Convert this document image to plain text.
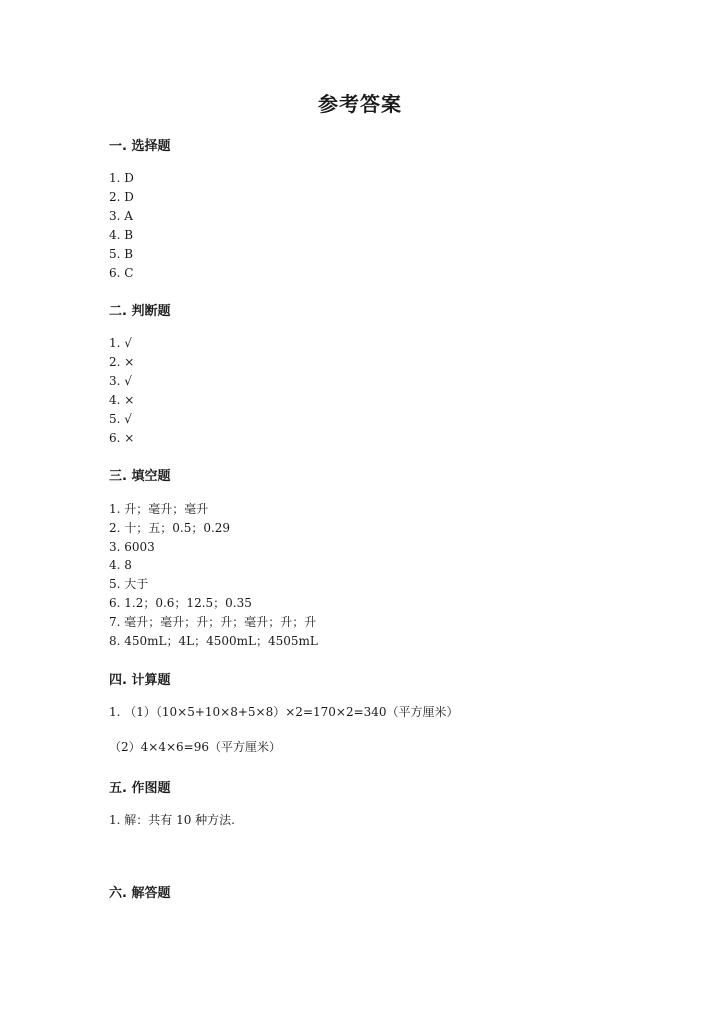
参考答案
一. 选择题
1. D
2. D
3. A
4. B
5. B
6. C
二. 判断题
1. √
2. ×
3. √
4. ×
5. √
6. ×
三. 填空题
1. 升；毫升；毫升
2. 十；五；0.5；0.29
3. 6003
4. 8
5. 大于
6. 1.2；0.6；12.5；0.35
7. 毫升；毫升；升；升；毫升；升；升
8. 450mL；4L；4500mL；4505mL
四. 计算题
1. （1）（10×5+10×8+5×8）×2=170×2=340（平方厘米）
（2）4×4×6=96（平方厘米）
五. 作图题
1. 解：共有 10 种方法.
六. 解答题
